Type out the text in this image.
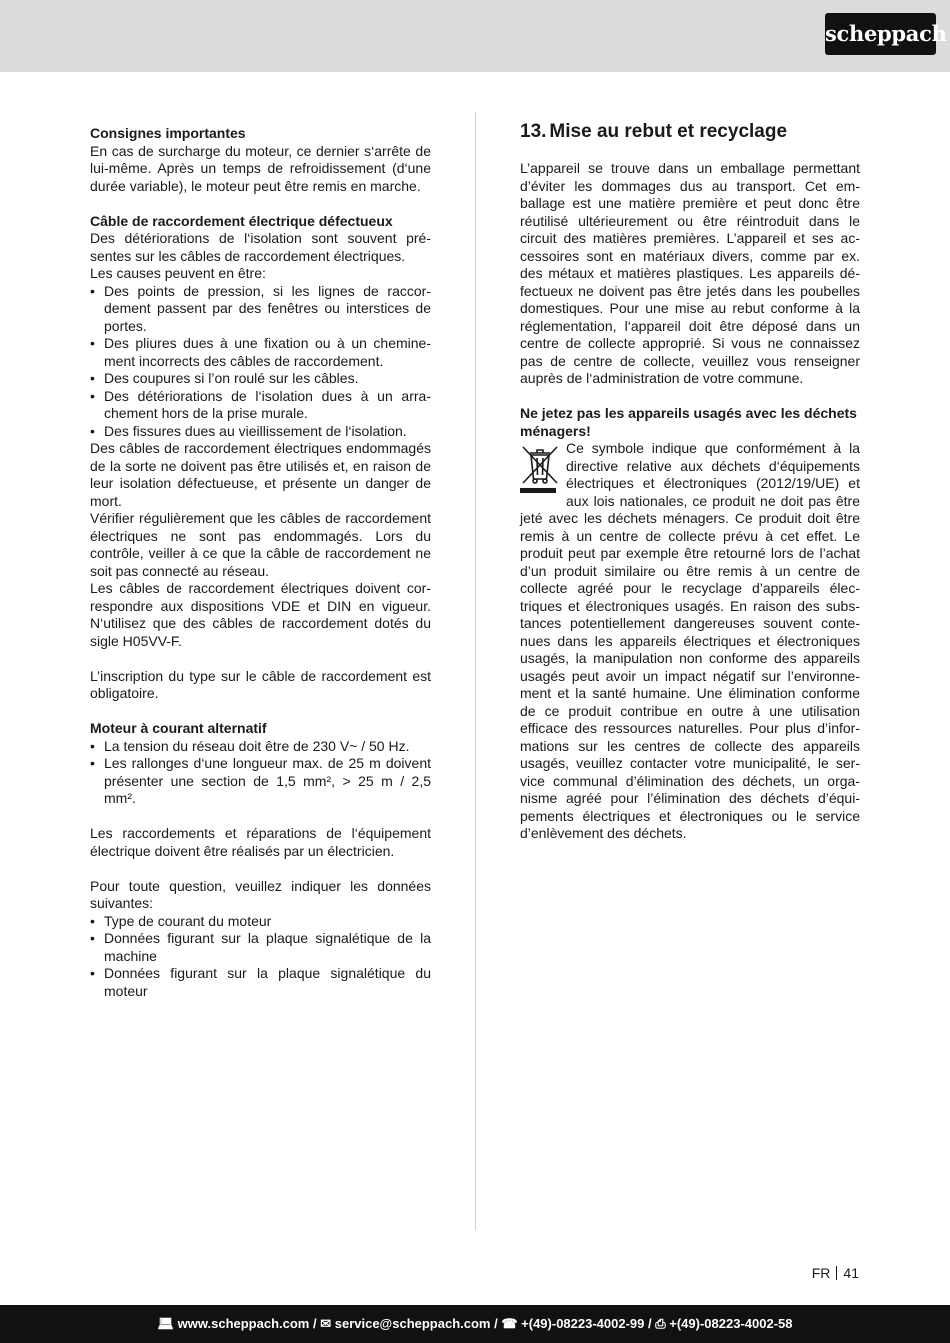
scheppach
Consignes importantes

En cas de surcharge du moteur, ce dernier s‘arrête de lui-même. Après un temps de refroidissement (d‘une durée variable), le moteur peut être remis en marche.

Câble de raccordement électrique défectueux

Des détériorations de l‘isolation sont souvent présentes sur les câbles de raccordement électriques.

Les causes peuvent en être:

• Des points de pression, si les lignes de raccordement passent par des fenêtres ou interstices de portes.
• Des pliures dues à une fixation ou à un cheminement incorrects des câbles de raccordement.
• Des coupures si l’on roulé sur les câbles.
• Des détériorations de l‘isolation dues à un arrachement hors de la prise murale.
• Des fissures dues au vieillissement de l‘isolation.

Des câbles de raccordement électriques endommagés de la sorte ne doivent pas être utilisés et, en raison de leur isolation défectueuse, et présente un danger de mort.

Vérifier régulièrement que les câbles de raccordement électriques ne sont pas endommagés. Lors du contrôle, veiller à ce que la câble de raccordement ne soit pas connecté au réseau.

Les câbles de raccordement électriques doivent correspondre aux dispositions VDE et DIN en vigueur. N‘utilisez que des câbles de raccordement dotés du sigle H05VV-F.

L’inscription du type sur le câble de raccordement est obligatoire.

Moteur à courant alternatif
• La tension du réseau doit être de 230 V~ / 50 Hz.
• Les rallonges d‘une longueur max. de 25 m doivent présenter une section de 1,5 mm², > 25 m / 2,5 mm².

Les raccordements et réparations de l‘équipement électrique doivent être réalisés par un électricien.

Pour toute question, veuillez indiquer les données suivantes:

• Type de courant du moteur
• Données figurant sur la plaque signalétique de la machine
• Données figurant sur la plaque signalétique du moteur
13. Mise au rebut et recyclage

L’appareil se trouve dans un emballage permettant d’éviter les dommages dus au transport. Cet emballage est une matière première et peut donc être réutilisé ultérieurement ou être réintroduit dans le circuit des matières premières. L’appareil et ses accessoires sont en matériaux divers, comme par ex. des métaux et matières plastiques. Les appareils défectueux ne doivent pas être jetés dans les poubelles domestiques. Pour une mise au rebut conforme à la réglementation, l‘appareil doit être déposé dans un centre de collecte approprié. Si vous ne connaissez pas de centre de collecte, veuillez vous renseigner auprès de l‘administration de votre commune.

Ne jetez pas les appareils usagés avec les déchets ménagers!

Ce symbole indique que conformément à la directive relative aux déchets d‘équipements électriques et électroniques (2012/19/UE) et aux lois nationales, ce produit ne doit pas être jeté avec les déchets ménagers. Ce produit doit être remis à un centre de collecte prévu à cet effet. Le produit peut par exemple être retourné lors de l’achat d’un produit similaire ou être remis à un centre de collecte agréé pour le recyclage d’appareils électriques et électroniques usagés. En raison des substances potentiellement dangereuses souvent contenues dans les appareils électriques et électroniques usagés, la manipulation non conforme des appareils usagés peut avoir un impact négatif sur l’environnement et la santé humaine. Une élimination conforme de ce produit contribue en outre à une utilisation efficace des ressources naturelles. Pour plus d’informations sur les centres de collecte des appareils usagés, veuillez contacter votre municipalité, le service communal d’élimination des déchets, un organisme agréé pour l’élimination des déchets d’équipements électriques et électroniques ou le service d’enlèvement des déchets.

FR 41
💻︎ www.scheppach.com / ✉ service@scheppach.com / ☎ +(49)-08223-4002-99 / ⎙ +(49)-08223-4002-58
